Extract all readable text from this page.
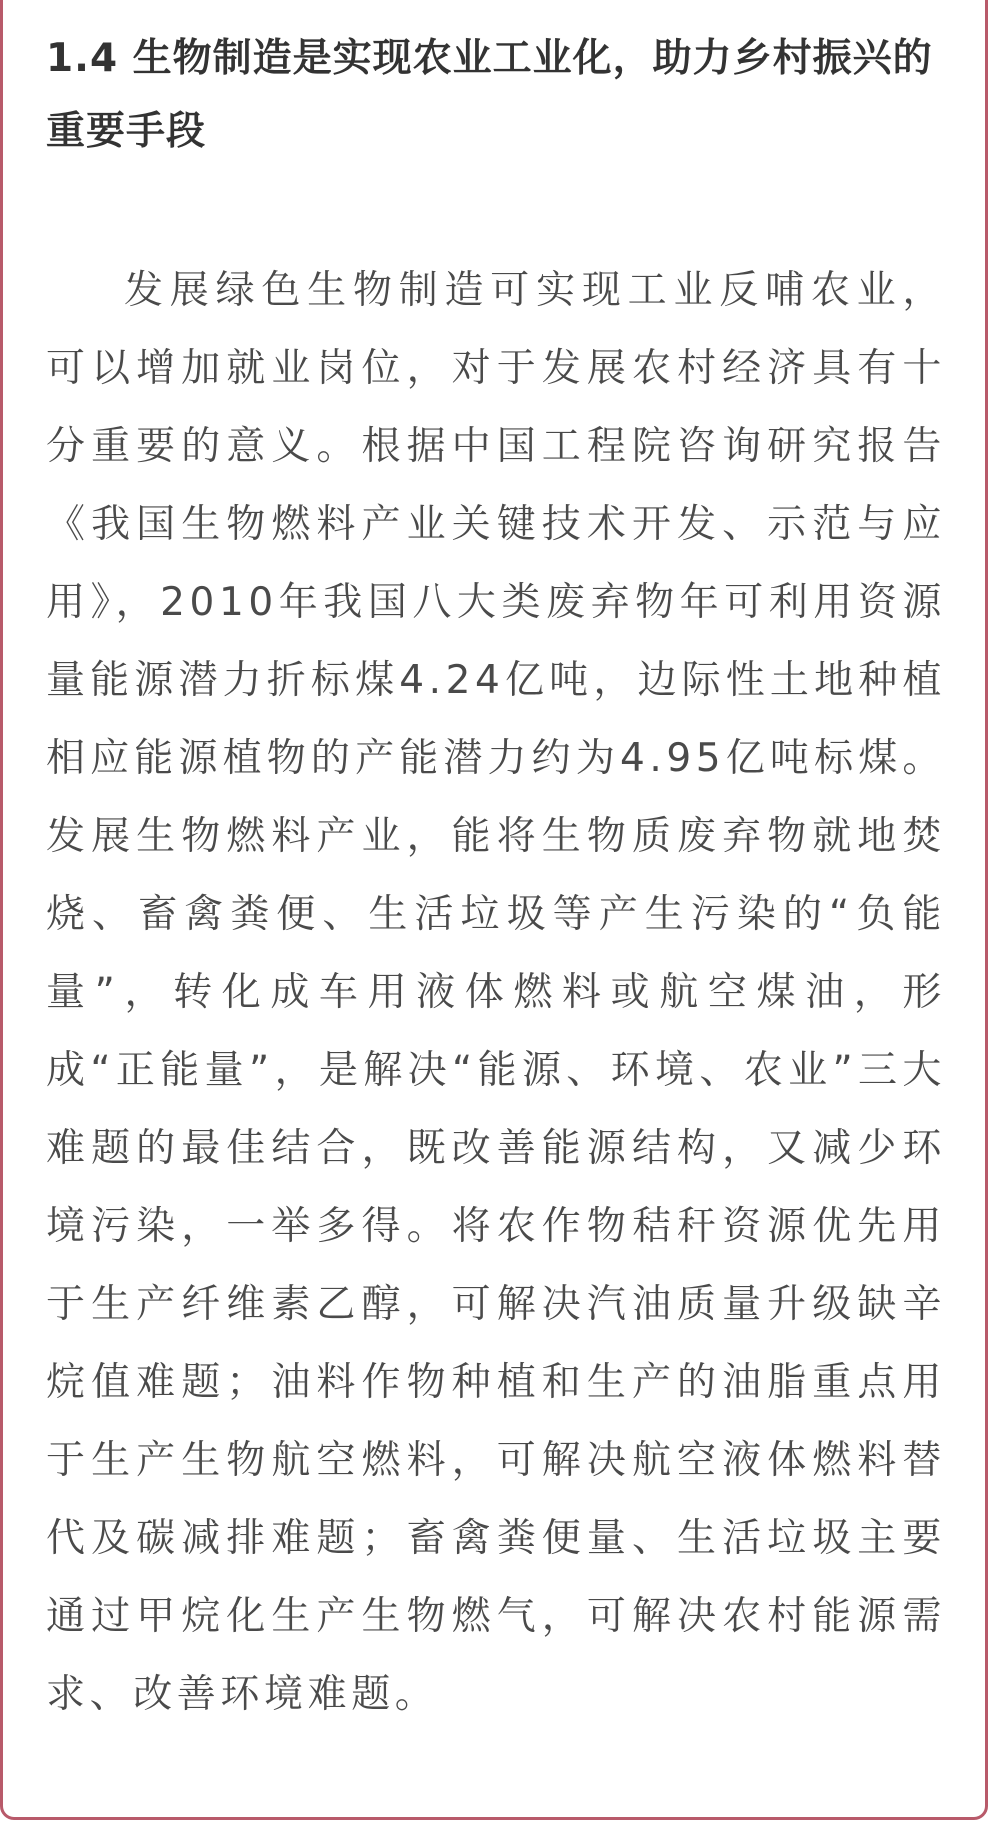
1.4 生物制造是实现农业工业化，助力乡村振兴的重要手段

发展绿色生物制造可实现工业反哺农业，可以增加就业岗位，对于发展农村经济具有十分重要的意义。根据中国工程院咨询研究报告《我国生物燃料产业关键技术开发、示范与应用》，2010年我国八大类废弃物年可利用资源量能源潜力折标煤4.24亿吨，边际性土地种植相应能源植物的产能潜力约为4.95亿吨标煤。发展生物燃料产业，能将生物质废弃物就地焚烧、畜禽粪便、生活垃圾等产生污染的“负能量”，转化成车用液体燃料或航空煤油，形成“正能量”，是解决“能源、环境、农业”三大难题的最佳结合，既改善能源结构，又减少环境污染，一举多得。将农作物秸秆资源优先用于生产纤维素乙醇，可解决汽油质量升级缺辛烷值难题；油料作物种植和生产的油脂重点用于生产生物航空燃料，可解决航空液体燃料替代及碳减排难题；畜禽粪便量、生活垃圾主要通过甲烷化生产生物燃气，可解决农村能源需求、改善环境难题。
